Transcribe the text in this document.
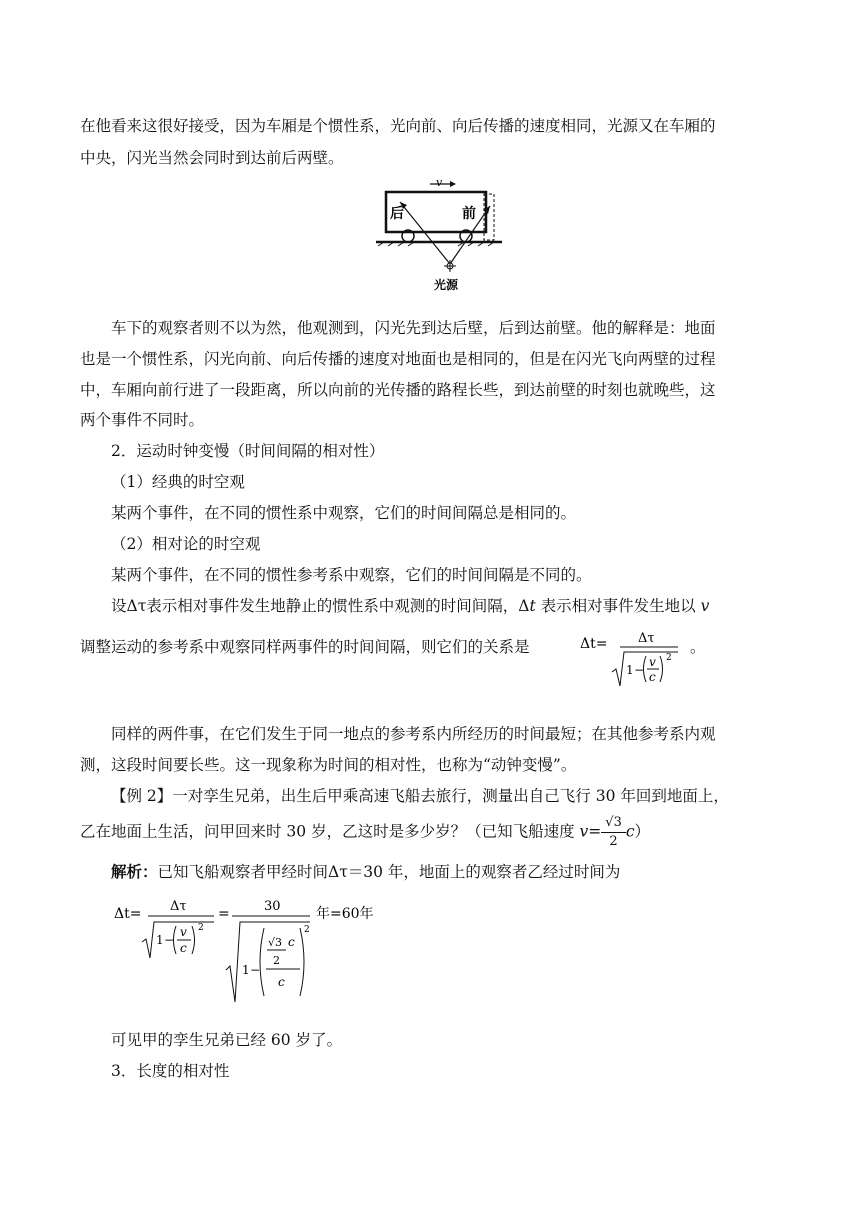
在他看来这很好接受，因为车厢是个惯性系，光向前、向后传播的速度相同，光源又在车厢的
中央，闪光当然会同时到达前后两壁。
v
后	前
光源
车下的观察者则不以为然，他观测到，闪光先到达后壁，后到达前壁。他的解释是：地面
也是一个惯性系，闪光向前、向后传播的速度对地面也是相同的，但是在闪光飞向两壁的过程
中，车厢向前行进了一段距离，所以向前的光传播的路程长些，到达前壁的时刻也就晚些，这
两个事件不同时。
2．运动时钟变慢（时间间隔的相对性）
（1）经典的时空观
某两个事件，在不同的惯性系中观察，它们的时间间隔总是相同的。
（2）相对论的时空观
某两个事件，在不同的惯性参考系中观察，它们的时间间隔是不同的。
设Δτ表示相对事件发生地静止的惯性系中观测的时间间隔，Δt 表示相对事件发生地以 v
调整运动的参考系中观察同样两事件的时间间隔，则它们的关系是	Δt= Δτ
1 −
v
c
2
。
同样的两件事，在它们发生于同一地点的参考系内所经历的时间最短；在其他参考系内观
测，这段时间要长些。这一现象称为时间的相对性，也称为“动钟变慢”。
【例 2】一对孪生兄弟，出生后甲乘高速飞船去旅行，测量出自己飞行 30 年回到地面上，
乙在地面上生活，问甲回来时 30 岁，乙这时是多少岁？（已知飞船速度 $v= \frac{√3}{2} c$）
解析：已知飞船观察者甲经时间Δτ＝30 年，地面上的观察者乙经过时间为
Δt= Δτ
1 −
v
c
2
=	30
1 −
√3 c
2
c
2
年=60年
可见甲的孪生兄弟已经 60 岁了。
3．长度的相对性
